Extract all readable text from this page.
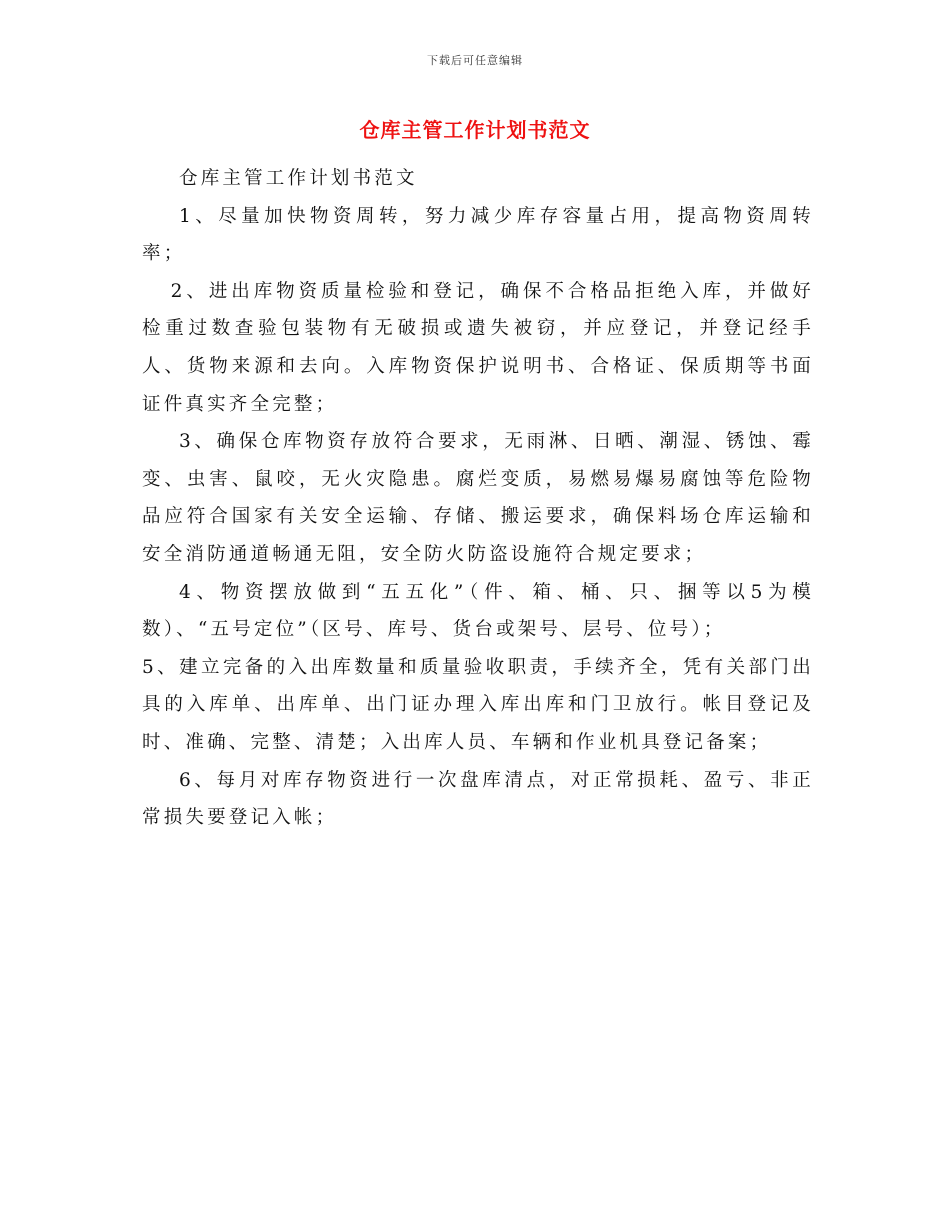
下载后可任意编辑
仓库主管工作计划书范文

仓库主管工作计划书范文

1、尽量加快物资周转，努力减少库存容量占用，提高物资周转率；

2、进出库物资质量检验和登记，确保不合格品拒绝入库，并做好检重过数查验包装物有无破损或遗失被窃，并应登记，并登记经手人、货物来源和去向。入库物资保护说明书、合格证、保质期等书面证件真实齐全完整；

3、确保仓库物资存放符合要求，无雨淋、日晒、潮湿、锈蚀、霉变、虫害、鼠咬，无火灾隐患。腐烂变质，易燃易爆易腐蚀等危险物品应符合国家有关安全运输、存储、搬运要求，确保料场仓库运输和安全消防通道畅通无阻，安全防火防盗设施符合规定要求；

4、物资摆放做到“五五化”（件、箱、桶、只、捆等以5为模数）、“五号定位”（区号、库号、货台或架号、层号、位号）；

5、建立完备的入出库数量和质量验收职责，手续齐全，凭有关部门出具的入库单、出库单、出门证办理入库出库和门卫放行。帐目登记及时、准确、完整、清楚；入出库人员、车辆和作业机具登记备案；

6、每月对库存物资进行一次盘库清点，对正常损耗、盈亏、非正常损失要登记入帐；
